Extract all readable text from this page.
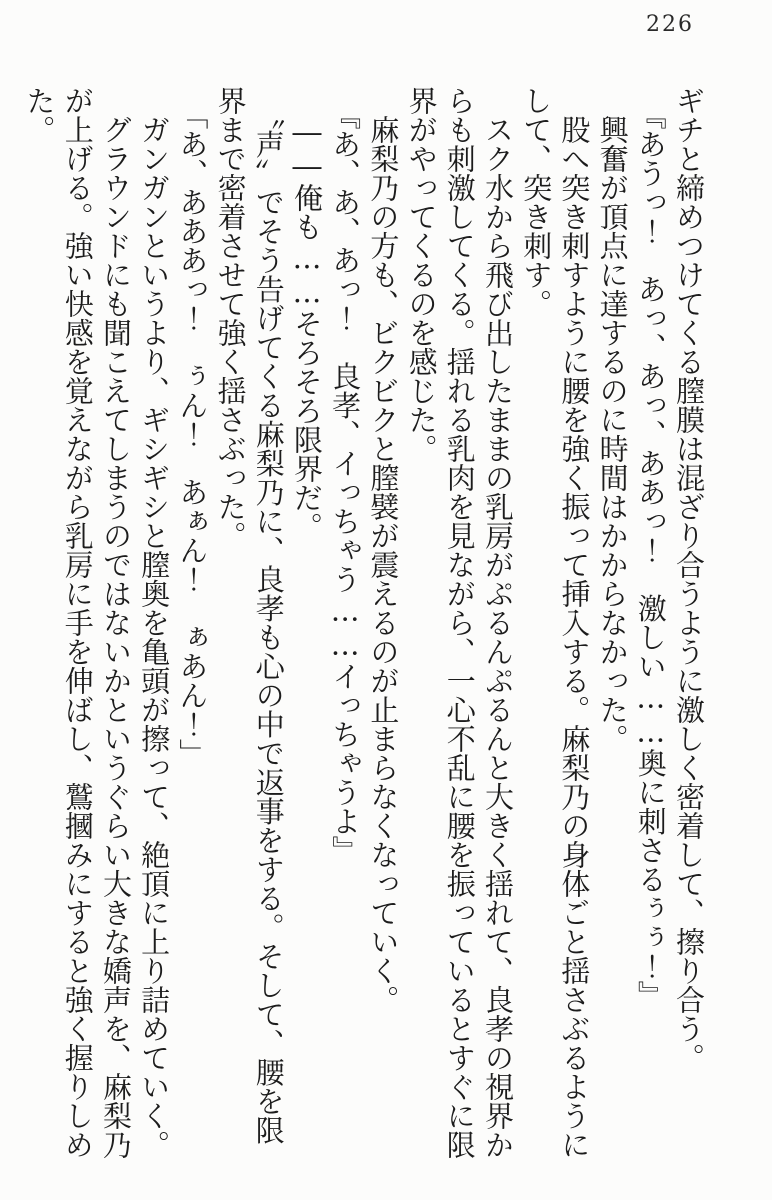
226

ギチと締めつけてくる膣膜は混ざり合うように激しく密着して、擦り合う。

　『あうっ！　あっ、あっ、ああっ！　激しい……奥に刺さるぅぅ！』

　興奮が頂点に達するのに時間はかからなかった。

　股へ突き刺すように腰を強く振って挿入する。麻梨乃の身体ごと揺さぶるようにして、突き刺す。

　スク水から飛び出したままの乳房がぷるんぷるんと大きく揺れて、良孝の視界からも刺激してくる。揺れる乳肉を見ながら、一心不乱に腰を振っているとすぐに限界がやってくるのを感じた。

　麻梨乃の方も、ビクビクと膣襞が震えるのが止まらなくなっていく。

　『あ、あ、あっ！　良孝、イっちゃう……イっちゃうよ』

　――俺も……そろそろ限界だ。

　〝声〟でそう告げてくる麻梨乃に、良孝も心の中で返事をする。そして、腰を限界まで密着させて強く揺さぶった。

　「あ、あああっ！　ぅん！　あぁん！　ぁあん！」

　ガンガンというより、ギシギシと膣奥を亀頭が擦って、絶頂に上り詰めていく。

　グラウンドにも聞こえてしまうのではないかというぐらい大きな嬌声を、麻梨乃が上げる。強い快感を覚えながら乳房に手を伸ばし、鷲摑みにすると強く握りしめた。
